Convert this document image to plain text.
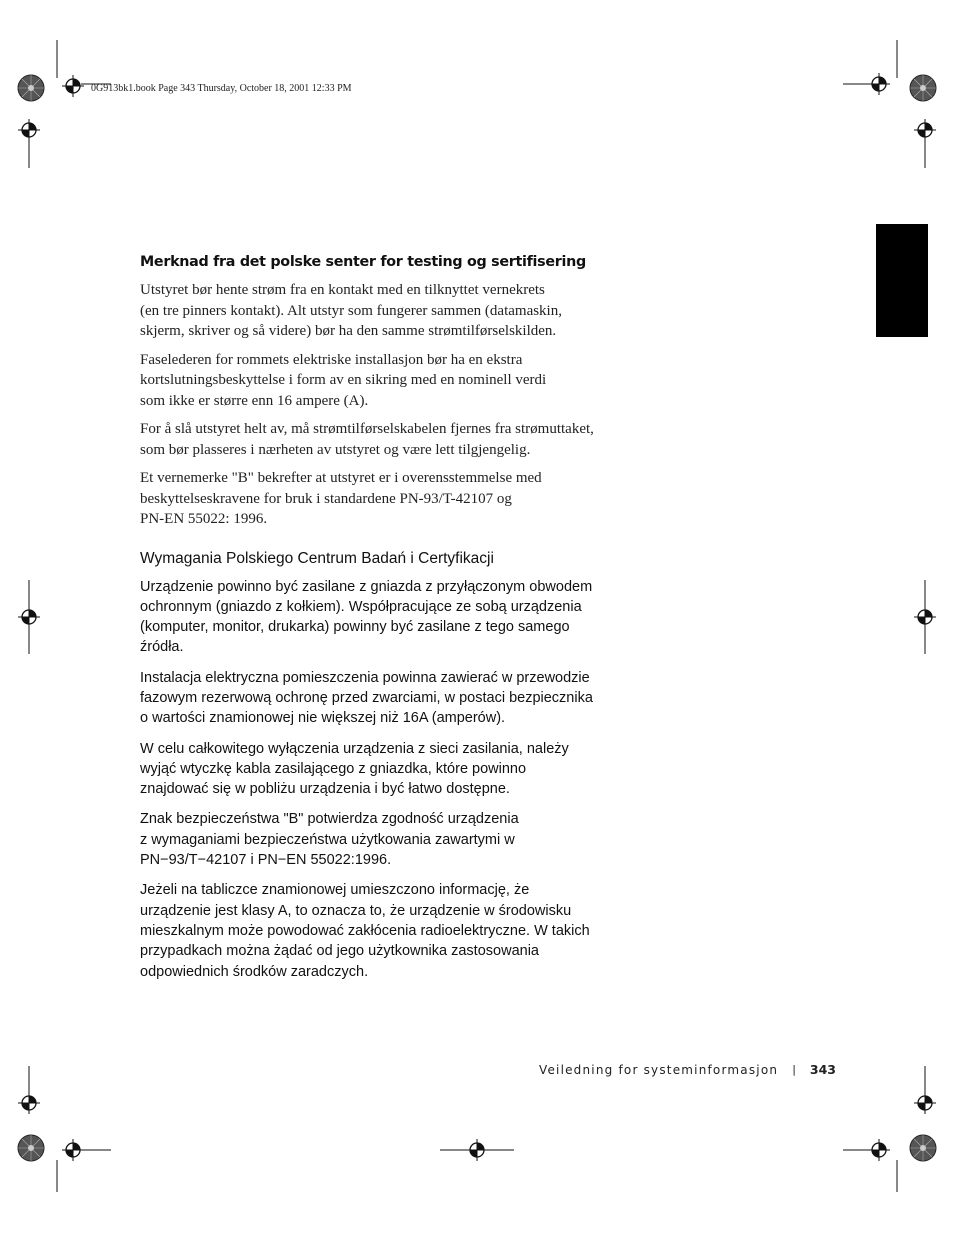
0G913bk1.book Page 343 Thursday, October 18, 2001 12:33 PM
Merknad fra det polske senter for testing og sertifisering

Utstyret bør hente strøm fra en kontakt med en tilknyttet vernekrets
(en tre pinners kontakt). Alt utstyr som fungerer sammen (datamaskin,
skjerm, skriver og så videre) bør ha den samme strømtilførselskilden.

Faselederen for rommets elektriske installasjon bør ha en ekstra
kortslutningsbeskyttelse i form av en sikring med en nominell verdi
som ikke er større enn 16 ampere (A).

For å slå utstyret helt av, må strømtilførselskabelen fjernes fra strømuttaket,
som bør plasseres i nærheten av utstyret og være lett tilgjengelig.

Et vernemerke "B" bekrefter at utstyret er i overensstemmelse med
beskyttelseskravene for bruk i standardene PN-93/T-42107 og
PN-EN 55022: 1996.

Wymagania Polskiego Centrum Badań i Certyfikacji

Urządzenie powinno być zasilane z gniazda z przyłączonym obwodem
ochronnym (gniazdo z kołkiem). Współpracujące ze sobą urządzenia
(komputer, monitor, drukarka) powinny być zasilane z tego samego
źródła.

Instalacja elektryczna pomieszczenia powinna zawierać w przewodzie
fazowym rezerwową ochronę przed zwarciami, w postaci bezpiecznika
o wartości znamionowej nie większej niż 16A (amperów).

W celu całkowitego wyłączenia urządzenia z sieci zasilania, należy
wyjąć wtyczkę kabla zasilającego z gniazdka, które powinno
znajdować się w pobliżu urządzenia i być łatwo dostępne.

Znak bezpieczeństwa "B" potwierdza zgodność urządzenia
z wymaganiami bezpieczeństwa użytkowania zawartymi w
PN−93/T−42107 i PN−EN 55022:1996.

Jeżeli na tabliczce znamionowej umieszczono informację, że
urządzenie jest klasy A, to oznacza to, że urządzenie w środowisku
mieszkalnym może powodować zakłócenia radioelektryczne. W takich
przypadkach można żądać od jego użytkownika zastosowania
odpowiednich środków zaradczych.

Veiledning for systeminformasjon | 343
